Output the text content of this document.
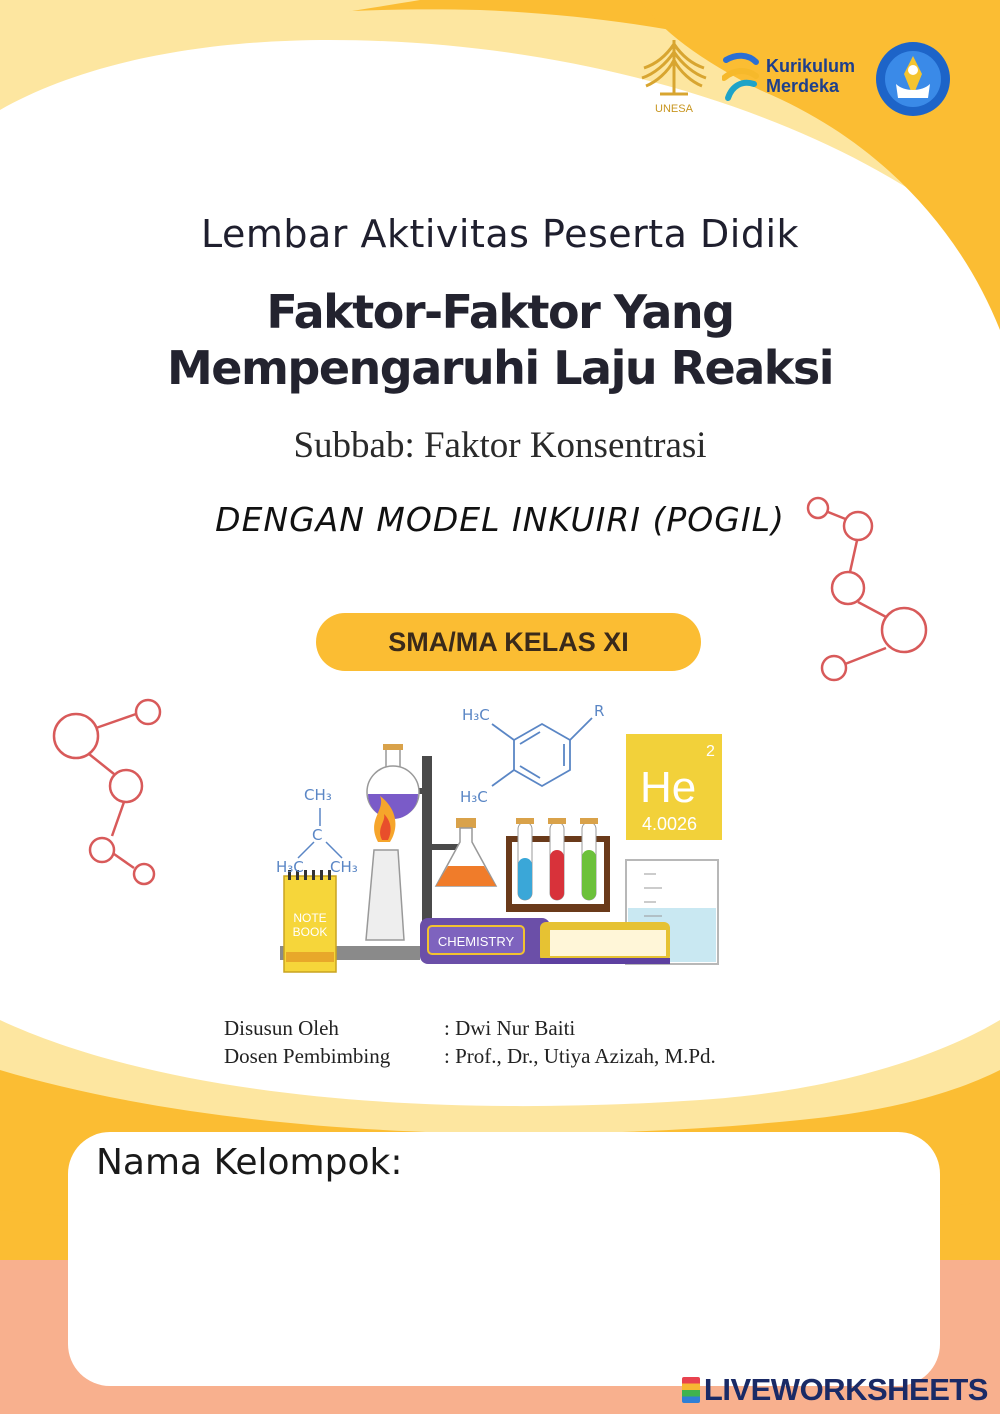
UNESA
Kurikulum
Merdeka
Lembar Aktivitas Peserta Didik
Faktor-Faktor Yang
Mempengaruhi Laju Reaksi
Subbab: Faktor Konsentrasi
DENGAN MODEL INKUIRI (POGIL)
SMA/MA KELAS XI
He
2
4.0026
NOTE
BOOK
CHEMISTRY
CH₃
C
H₃C CH₃
H₃C	R
H₃C
Disusun Oleh	: Dwi Nur Baiti
Dosen Pembimbing	: Prof., Dr., Utiya Azizah, M.Pd.
Nama Kelompok:
LIVEWORKSHEETS
